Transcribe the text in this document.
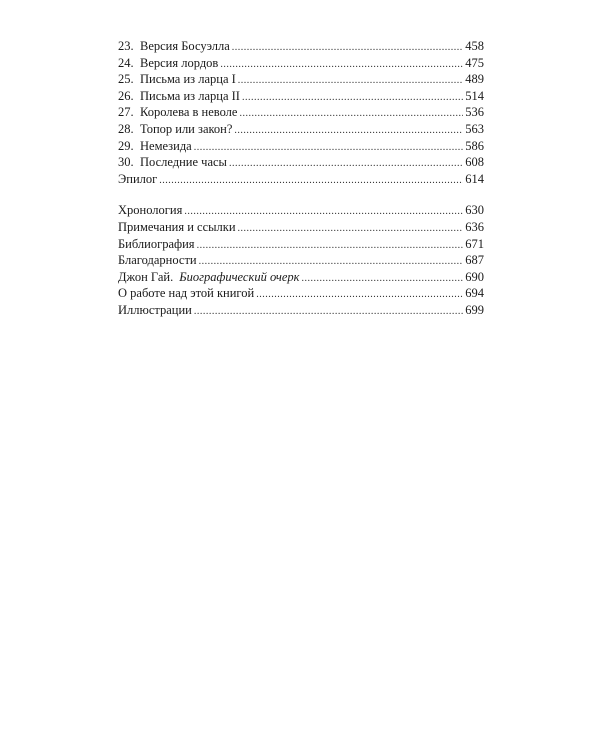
23. Версия Босуэлла .....	458
24. Версия лордов .....	475
25. Письма из ларца I .....	489
26. Письма из ларца II .....	514
27. Королева в неволе .....	536
28. Топор или закон? .....	563
29. Немезида .....	586
30. Последние часы .....	608
Эпилог .....	614
Хронология .....	630
Примечания и ссылки .....	636
Библиография .....	671
Благодарности .....	687
Джон Гай. Биографический очерк .....	690
О работе над этой книгой .....	694
Иллюстрации .....	699
